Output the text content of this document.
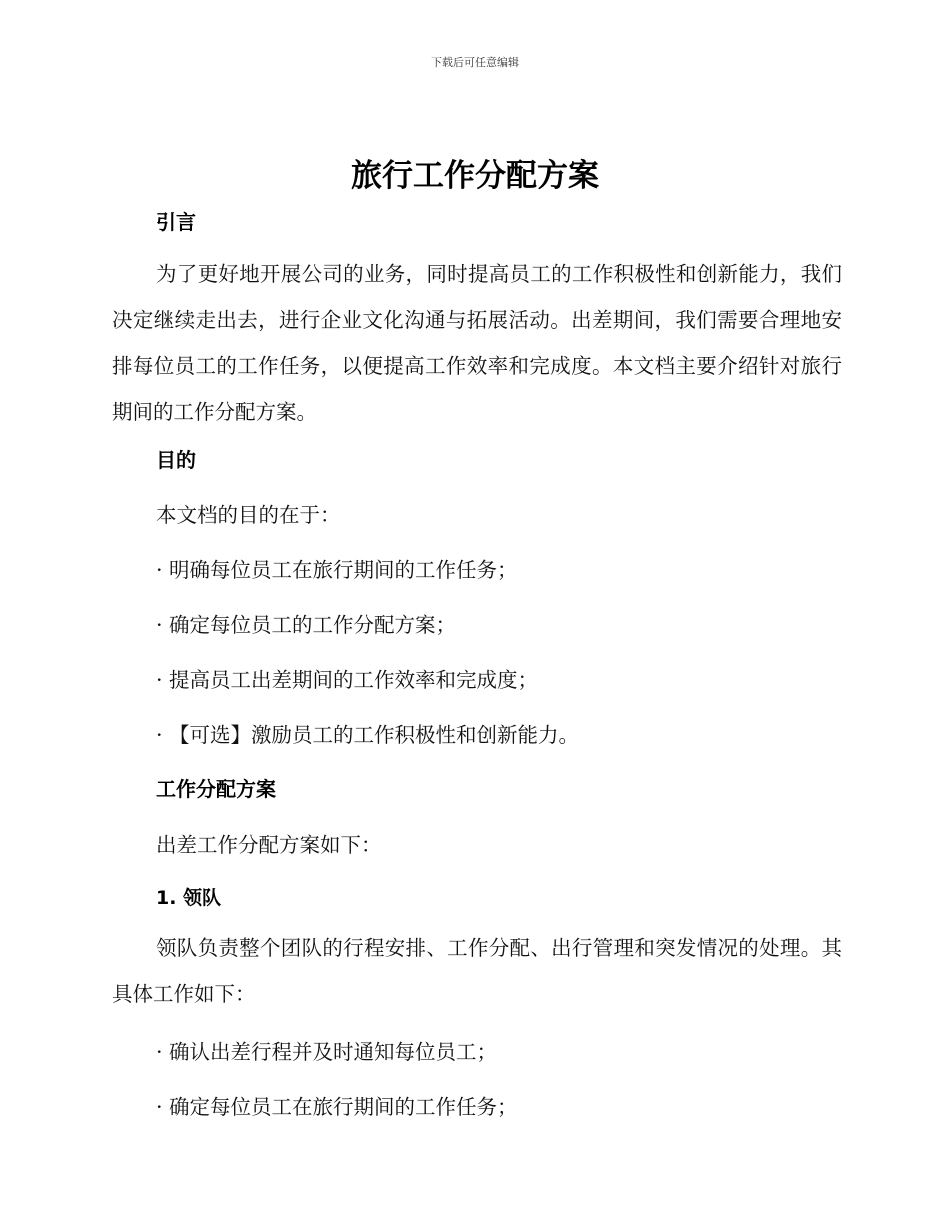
下载后可任意编辑
旅行工作分配方案
引言

为了更好地开展公司的业务，同时提高员工的工作积极性和创新能力，我们决定继续走出去，进行企业文化沟通与拓展活动。出差期间，我们需要合理地安排每位员工的工作任务，以便提高工作效率和完成度。本文档主要介绍针对旅行期间的工作分配方案。

目的

本文档的目的在于：

· 明确每位员工在旅行期间的工作任务；

· 确定每位员工的工作分配方案；

· 提高员工出差期间的工作效率和完成度；

· 【可选】激励员工的工作积极性和创新能力。

工作分配方案

出差工作分配方案如下：

1. 领队

领队负责整个团队的行程安排、工作分配、出行管理和突发情况的处理。其具体工作如下：

· 确认出差行程并及时通知每位员工；

· 确定每位员工在旅行期间的工作任务；
